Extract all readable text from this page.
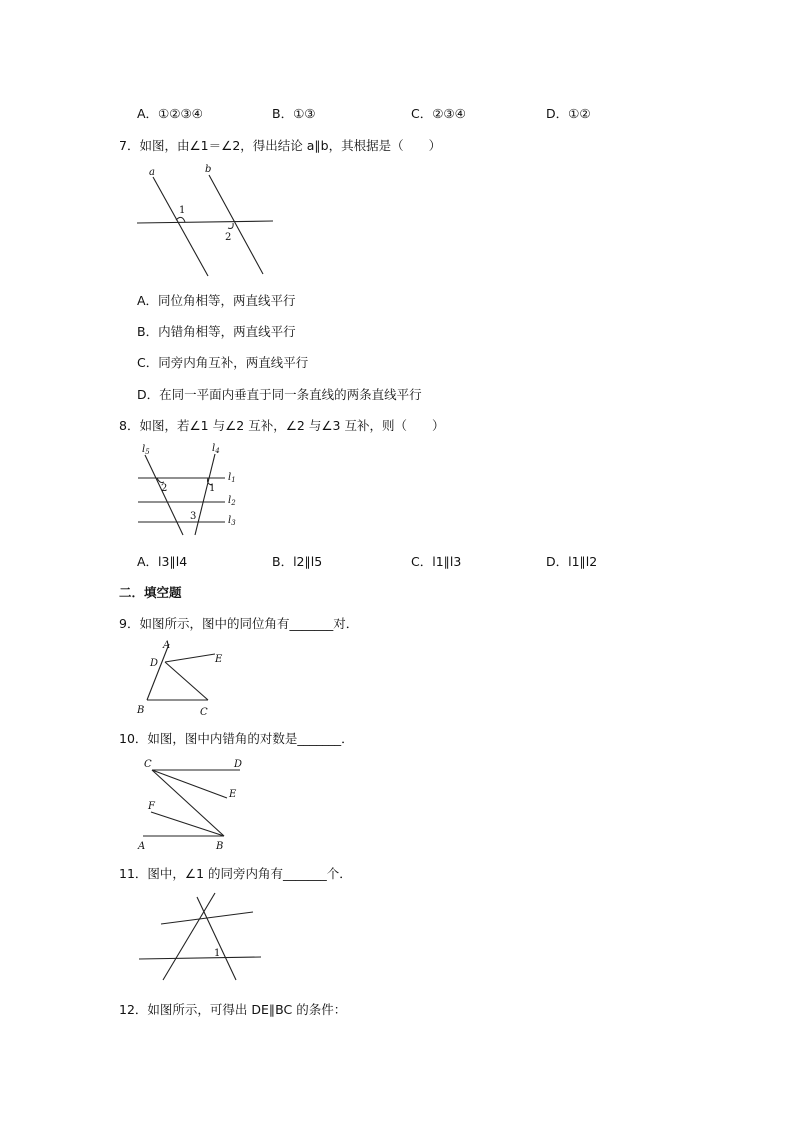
A．①②③④	B．①③	C．②③④	D．①②
7．如图，由∠1＝∠2，得出结论 a∥b，其根据是（　　）
a	b
1
2
A．同位角相等，两直线平行
B．内错角相等，两直线平行
C．同旁内角互补，两直线平行
D．在同一平面内垂直于同一条直线的两条直线平行
8．如图，若∠1 与∠2 互补，∠2 与∠3 互补，则（　　）
$l_5$	$l_4$
$l_1$
$l_2$
$l_3$
2	1
3
A．l3∥l4	B．l2∥l5	C．l1∥l3	D．l1∥l2
二．填空题
9．如图所示，图中的同位角有_______对．
A
D	E
B	C
10．如图，图中内错角的对数是_______．
C	D
E
F
A	B
11．图中，∠1 的同旁内角有_______个．
1
12．如图所示，可得出 DE∥BC 的条件：
